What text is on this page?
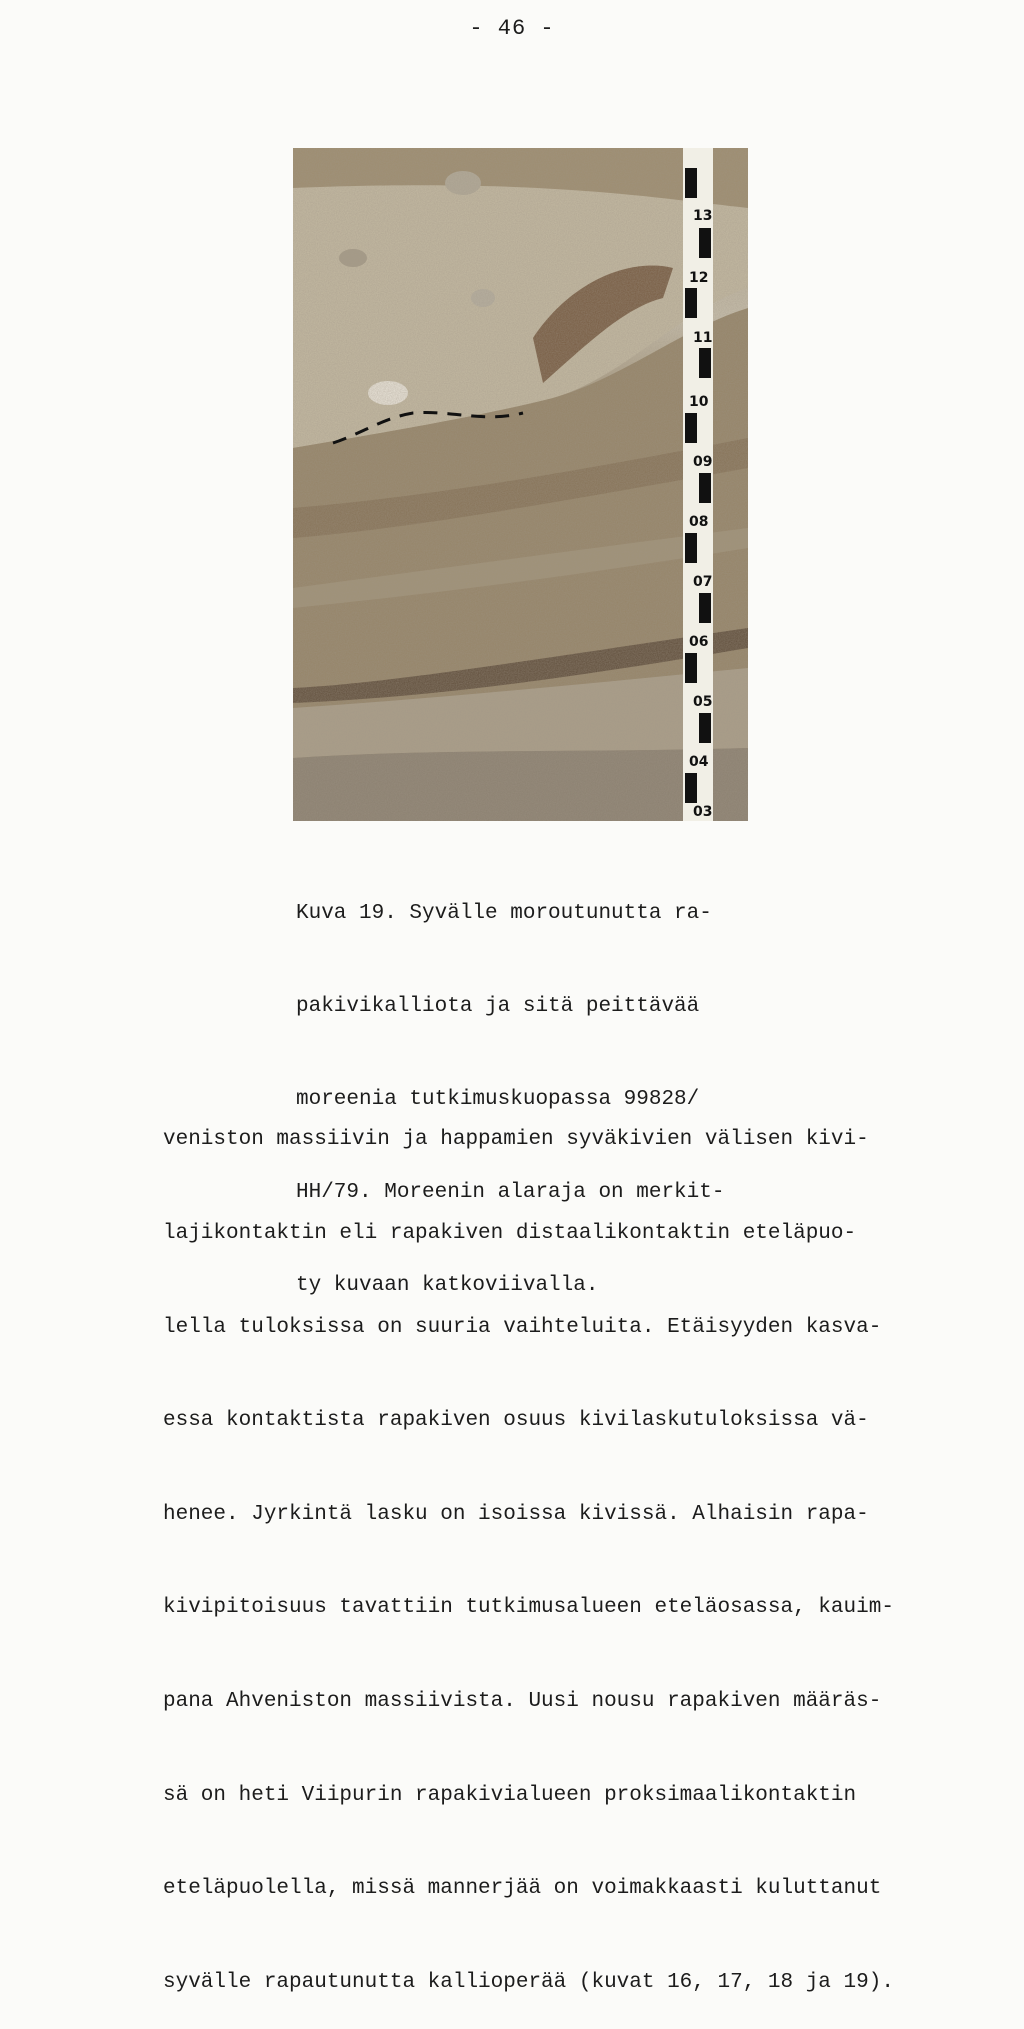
- 46 -
13
12
11
10
09
08
07
06
05
04
03

Kuva 19. Syvälle moroutunutta ra-

pakivikalliota ja sitä peittävää

moreenia tutkimuskuopassa 99828/

HH/79. Moreenin alaraja on merkit-

ty kuvaan katkoviivalla.

veniston massiivin ja happamien syväkivien välisen kivi-

lajikontaktin eli rapakiven distaalikontaktin eteläpuo-

lella tuloksissa on suuria vaihteluita. Etäisyyden kasva-

essa kontaktista rapakiven osuus kivilaskutuloksissa vä-

henee. Jyrkintä lasku on isoissa kivissä. Alhaisin rapa-

kivipitoisuus tavattiin tutkimusalueen eteläosassa, kauim-

pana Ahveniston massiivista. Uusi nousu rapakiven määräs-

sä on heti Viipurin rapakivialueen proksimaalikontaktin

eteläpuolella, missä mannerjää on voimakkaasti kuluttanut

syvälle rapautunutta kallioperää (kuvat 16, 17, 18 ja 19).
